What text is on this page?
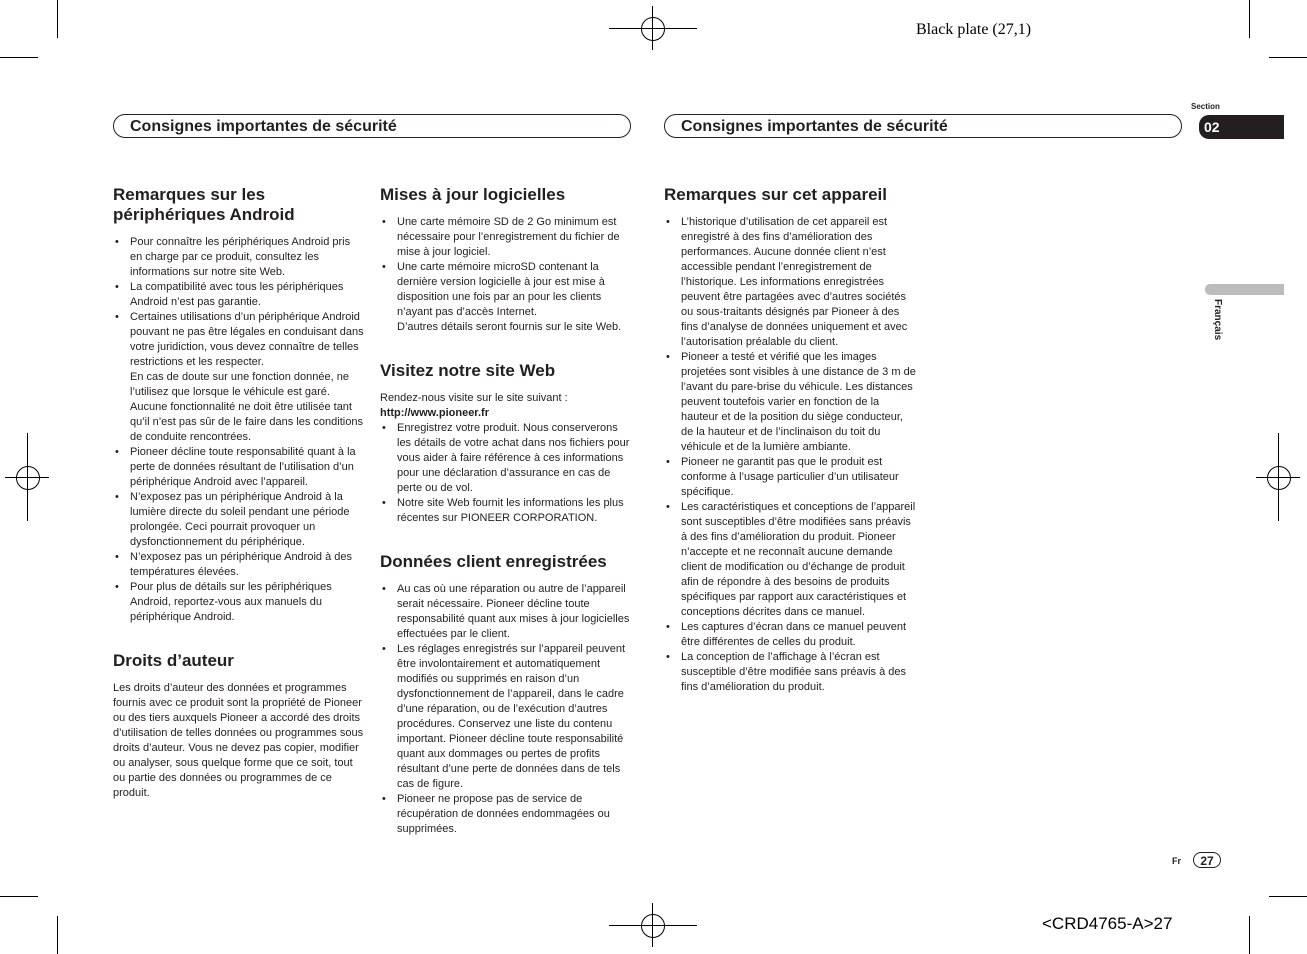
Black plate (27,1)
<CRD4765-A>27
Consignes importantes de sécurité	Consignes importantes de sécurité
Section
02
Français
Fr	27
Remarques sur les périphériques Android
• Pour connaître les périphériques Android pris en charge par ce produit, consultez les informations sur notre site Web.
• La compatibilité avec tous les périphériques Android n’est pas garantie.
• Certaines utilisations d’un périphérique Android pouvant ne pas être légales en conduisant dans votre juridiction, vous devez connaître de telles restrictions et les respecter.
En cas de doute sur une fonction donnée, ne l’utilisez que lorsque le véhicule est garé. Aucune fonctionnalité ne doit être utilisée tant qu’il n’est pas sûr de le faire dans les conditions de conduite rencontrées.
• Pioneer décline toute responsabilité quant à la perte de données résultant de l’utilisation d’un périphérique Android avec l’appareil.
• N’exposez pas un périphérique Android à la lumière directe du soleil pendant une période prolongée. Ceci pourrait provoquer un dysfonctionnement du périphérique.
• N’exposez pas un périphérique Android à des températures élevées.
• Pour plus de détails sur les périphériques Android, reportez-vous aux manuels du périphérique Android.
Droits d’auteur

Les droits d’auteur des données et programmes fournis avec ce produit sont la propriété de Pioneer ou des tiers auxquels Pioneer a accordé des droits d’utilisation de telles données ou programmes sous droits d’auteur. Vous ne devez pas copier, modifier ou analyser, sous quelque forme que ce soit, tout ou partie des données ou programmes de ce produit.

Mises à jour logicielles
• Une carte mémoire SD de 2 Go minimum est nécessaire pour l’enregistrement du fichier de mise à jour logiciel.
• Une carte mémoire microSD contenant la dernière version logicielle à jour est mise à disposition une fois par an pour les clients n’ayant pas d’accès Internet.
D’autres détails seront fournis sur le site Web.
Visitez notre site Web

Rendez-nous visite sur le site suivant :

http://www.pioneer.fr

• Enregistrez votre produit. Nous conserverons les détails de votre achat dans nos fichiers pour vous aider à faire référence à ces informations pour une déclaration d’assurance en cas de perte ou de vol.
• Notre site Web fournit les informations les plus récentes sur PIONEER CORPORATION.
Données client enregistrées
• Au cas où une réparation ou autre de l’appareil serait nécessaire. Pioneer décline toute responsabilité quant aux mises à jour logicielles effectuées par le client.
• Les réglages enregistrés sur l’appareil peuvent être involontairement et automatiquement modifiés ou supprimés en raison d’un dysfonctionnement de l’appareil, dans le cadre d’une réparation, ou de l’exécution d’autres procédures. Conservez une liste du contenu important. Pioneer décline toute responsabilité quant aux dommages ou pertes de profits résultant d’une perte de données dans de tels cas de figure.
• Pioneer ne propose pas de service de récupération de données endommagées ou supprimées.
Remarques sur cet appareil
• L’historique d’utilisation de cet appareil est enregistré à des fins d’amélioration des performances. Aucune donnée client n’est accessible pendant l’enregistrement de l’historique. Les informations enregistrées peuvent être partagées avec d’autres sociétés ou sous-traitants désignés par Pioneer à des fins d’analyse de données uniquement et avec l’autorisation préalable du client.
• Pioneer a testé et vérifié que les images projetées sont visibles à une distance de 3 m de l’avant du pare-brise du véhicule. Les distances peuvent toutefois varier en fonction de la hauteur et de la position du siège conducteur, de la hauteur et de l’inclinaison du toit du véhicule et de la lumière ambiante.
• Pioneer ne garantit pas que le produit est conforme à l’usage particulier d’un utilisateur spécifique.
• Les caractéristiques et conceptions de l’appareil sont susceptibles d’être modifiées sans préavis à des fins d’amélioration du produit. Pioneer n’accepte et ne reconnaît aucune demande client de modification ou d’échange de produit afin de répondre à des besoins de produits spécifiques par rapport aux caractéristiques et conceptions décrites dans ce manuel.
• Les captures d’écran dans ce manuel peuvent être différentes de celles du produit.
• La conception de l’affichage à l’écran est susceptible d’être modifiée sans préavis à des fins d’amélioration du produit.
